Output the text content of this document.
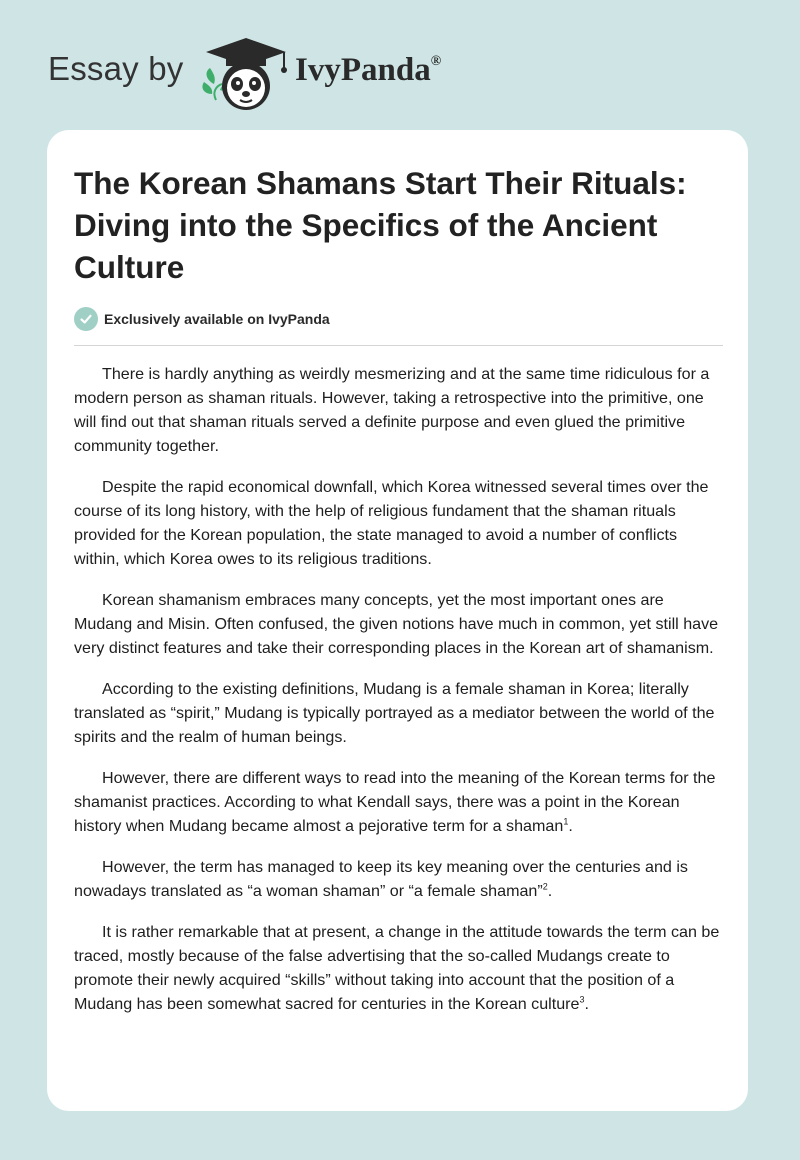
Essay by	IvyPanda®
The Korean Shamans Start Their Rituals: Diving into the Specifics of the Ancient Culture
Exclusively available on IvyPanda

There is hardly anything as weirdly mesmerizing and at the same time ridiculous for a modern person as shaman rituals. However, taking a retrospective into the primitive, one will find out that shaman rituals served a definite purpose and even glued the primitive community together.

Despite the rapid economical downfall, which Korea witnessed several times over the course of its long history, with the help of religious fundament that the shaman rituals provided for the Korean population, the state managed to avoid a number of conflicts within, which Korea owes to its religious traditions.

Korean shamanism embraces many concepts, yet the most important ones are Mudang and Misin. Often confused, the given notions have much in common, yet still have very distinct features and take their corresponding places in the Korean art of shamanism.

According to the existing definitions, Mudang is a female shaman in Korea; literally translated as “spirit,” Mudang is typically portrayed as a mediator between the world of the spirits and the realm of human beings.

However, there are different ways to read into the meaning of the Korean terms for the shamanist practices. According to what Kendall says, there was a point in the Korean history when Mudang became almost a pejorative term for a shaman$^1$.

However, the term has managed to keep its key meaning over the centuries and is nowadays translated as “a woman shaman” or “a female shaman”$^2$.

It is rather remarkable that at present, a change in the attitude towards the term can be traced, mostly because of the false advertising that the so-called Mudangs create to promote their newly acquired “skills” without taking into account that the position of a Mudang has been somewhat sacred for centuries in the Korean culture$^3$.
